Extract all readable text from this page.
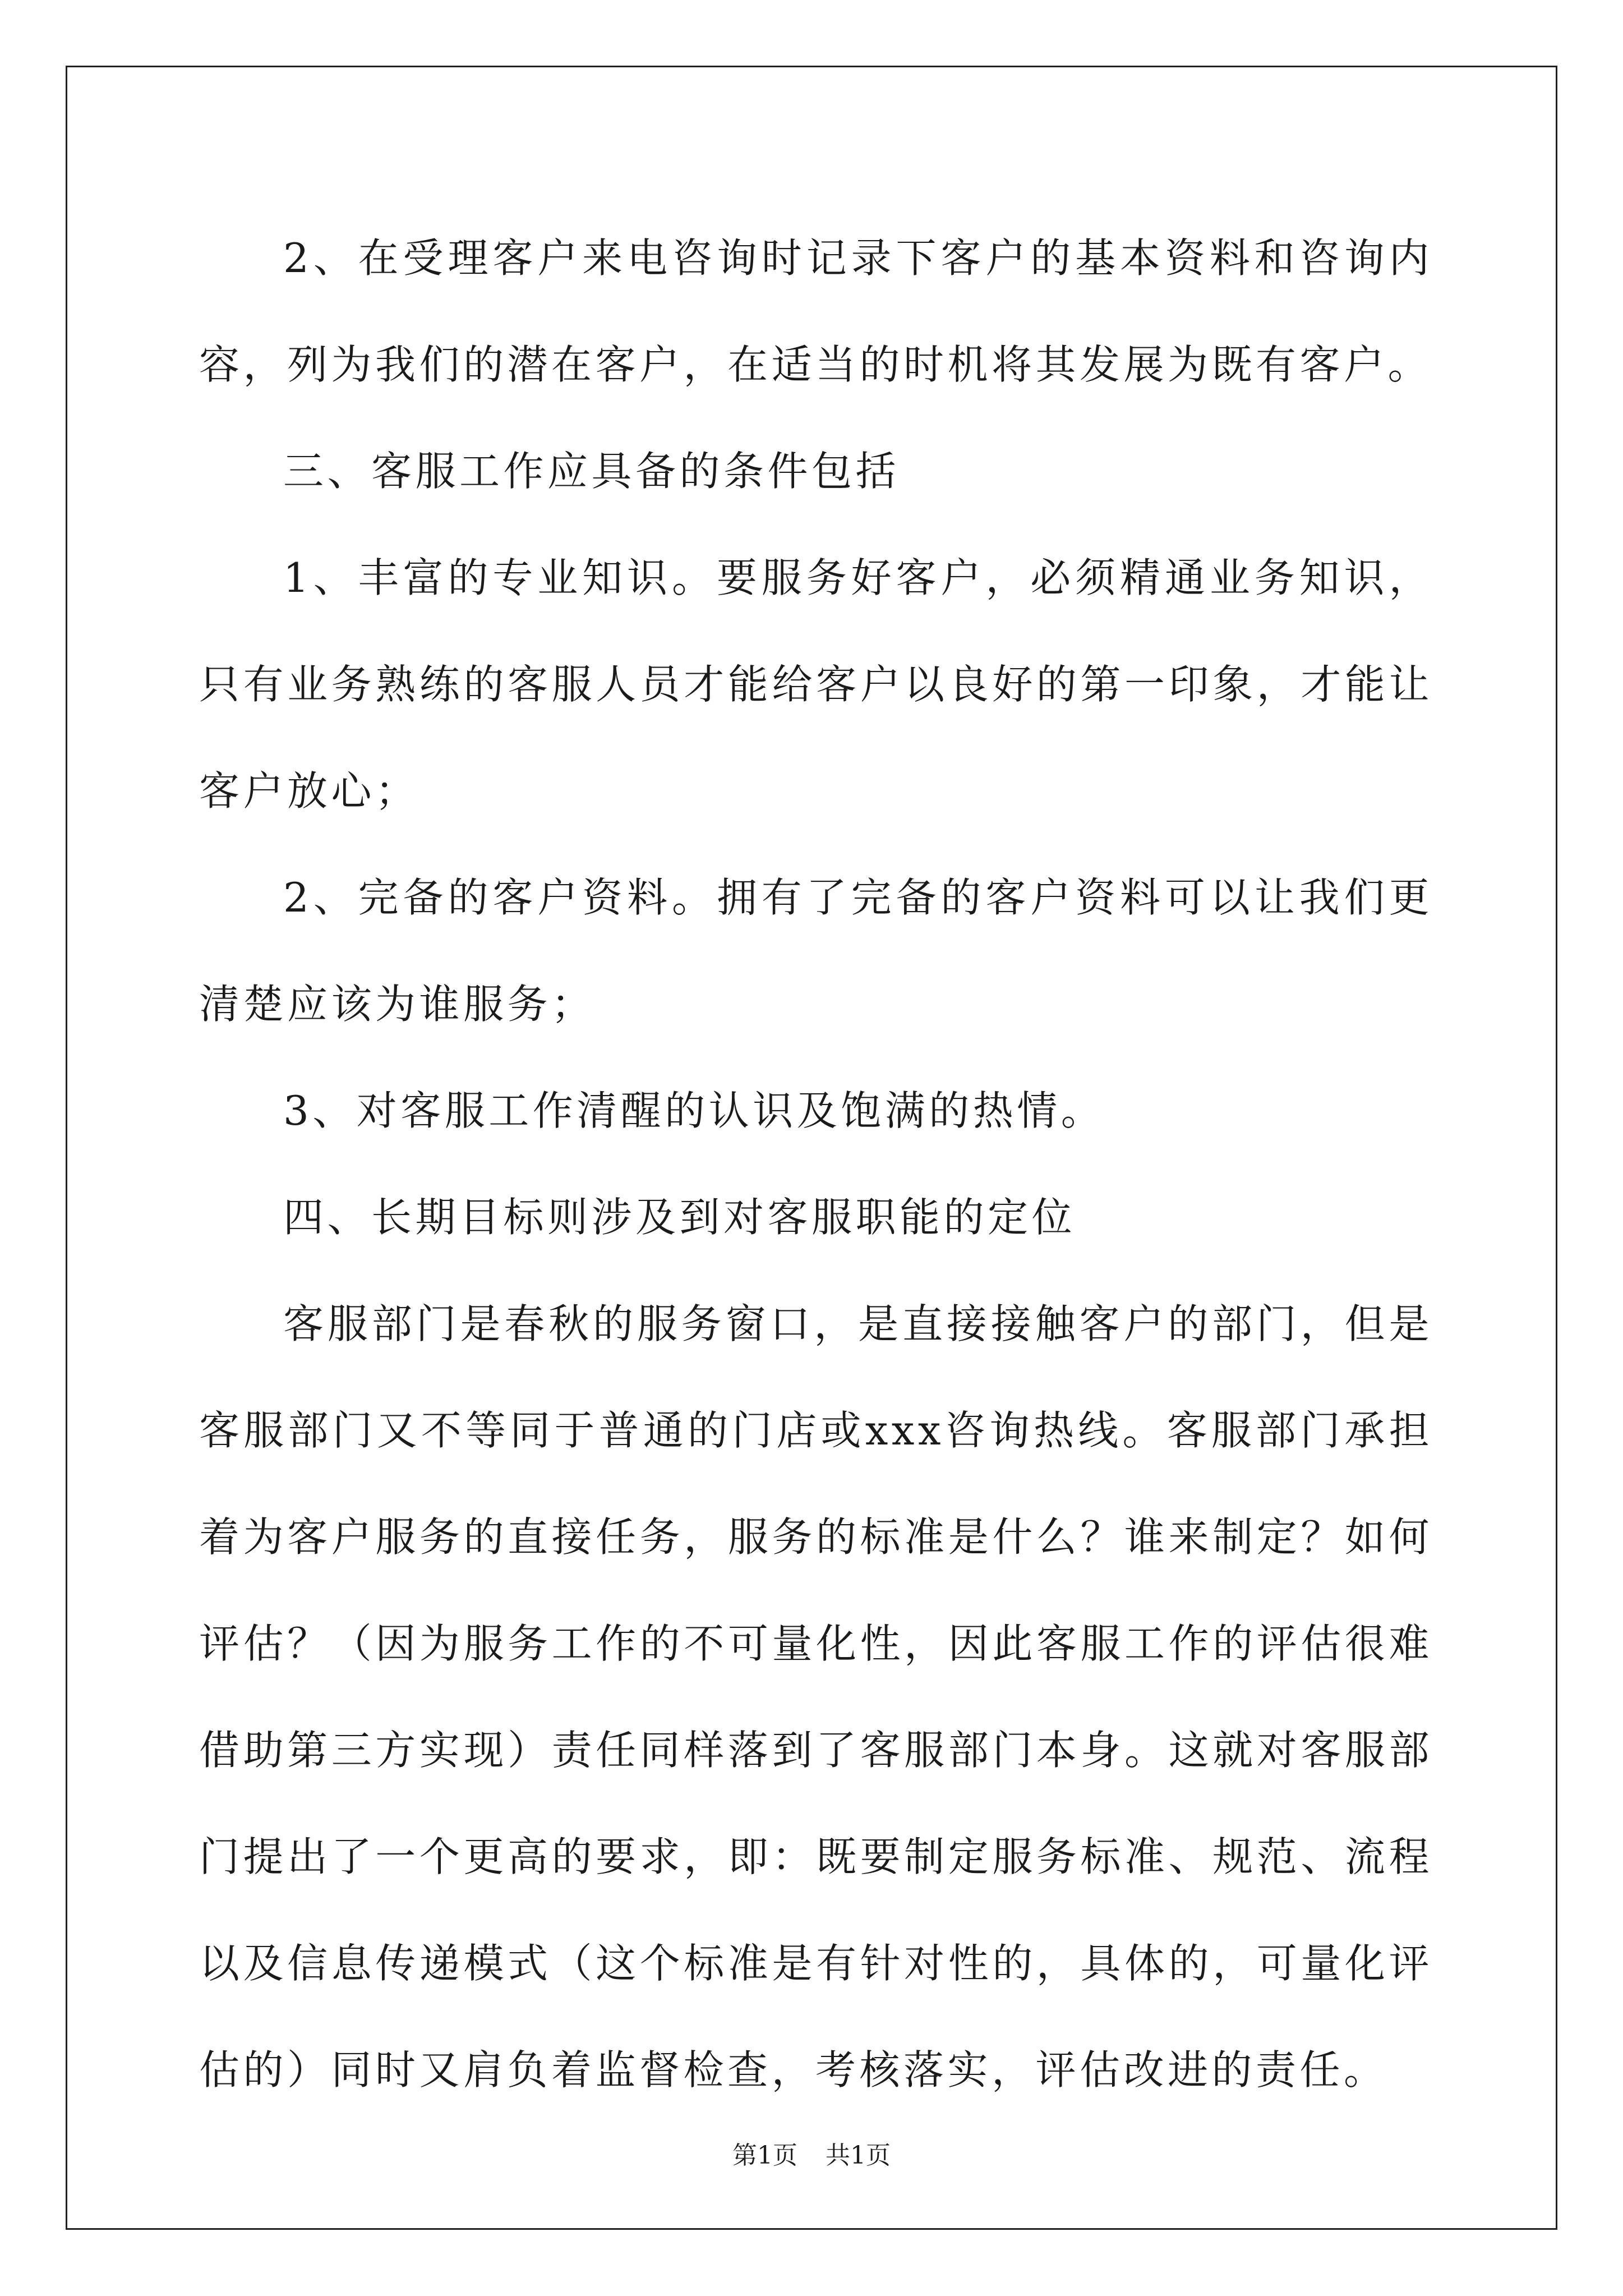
2、在受理客户来电咨询时记录下客户的基本资料和咨询内容，列为我们的潜在客户，在适当的时机将其发展为既有客户。

三、客服工作应具备的条件包括

1、丰富的专业知识。要服务好客户，必须精通业务知识，只有业务熟练的客服人员才能给客户以良好的第一印象，才能让客户放心；

2、完备的客户资料。拥有了完备的客户资料可以让我们更清楚应该为谁服务；

3、对客服工作清醒的认识及饱满的热情。

四、长期目标则涉及到对客服职能的定位

客服部门是春秋的服务窗口，是直接接触客户的部门，但是客服部门又不等同于普通的门店或xxx咨询热线。客服部门承担着为客户服务的直接任务，服务的标准是什么？谁来制定？如何评估？（因为服务工作的不可量化性，因此客服工作的评估很难借助第三方实现）责任同样落到了客服部门本身。这就对客服部门提出了一个更高的要求，即：既要制定服务标准、规范、流程以及信息传递模式（这个标准是有针对性的，具体的，可量化评估的）同时又肩负着监督检查，考核落实，评估改进的责任。

第1页 共1页
